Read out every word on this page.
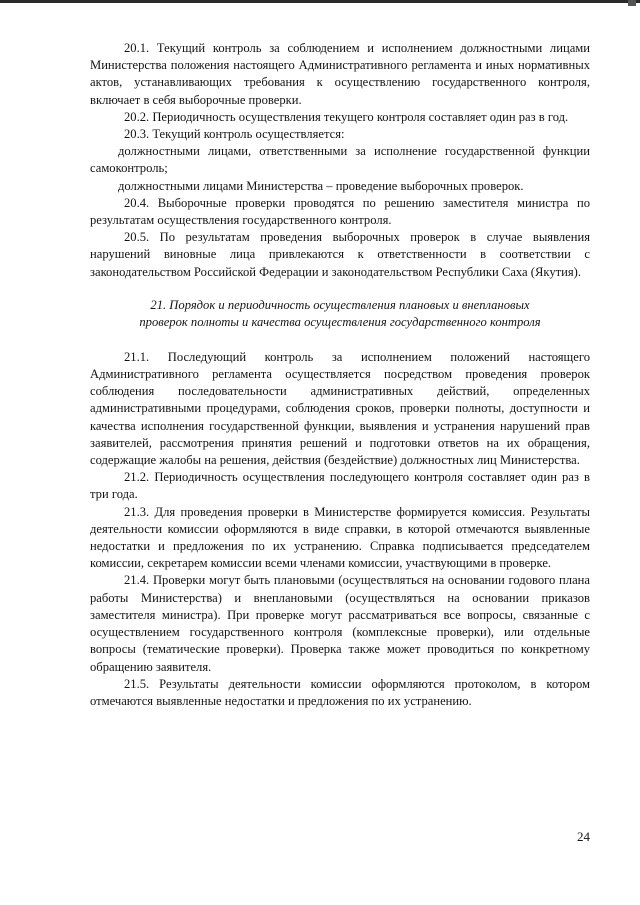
20.1. Текущий контроль за соблюдением и исполнением должностными лицами Министерства положения настоящего Административного регламента и иных нормативных актов, устанавливающих требования к осуществлению государственного контроля, включает в себя выборочные проверки.

20.2. Периодичность осуществления текущего контроля составляет один раз в год.

20.3. Текущий контроль осуществляется:

должностными лицами, ответственными за исполнение государственной функции самоконтроль;

должностными лицами Министерства – проведение выборочных проверок.

20.4. Выборочные проверки проводятся по решению заместителя министра по результатам осуществления государственного контроля.

20.5. По результатам проведения выборочных проверок в случае выявления нарушений виновные лица привлекаются к ответственности в соответствии с законодательством Российской Федерации и законодательством Республики Саха (Якутия).

21. Порядок и периодичность осуществления плановых и внеплановых
проверок полноты и качества осуществления государственного контроля

21.1. Последующий контроль за исполнением положений настоящего Административного регламента осуществляется посредством проведения проверок соблюдения последовательности административных действий, определенных административными процедурами, соблюдения сроков, проверки полноты, доступности и качества исполнения государственной функции, выявления и устранения нарушений прав заявителей, рассмотрения принятия решений и подготовки ответов на их обращения, содержащие жалобы на решения, действия (бездействие) должностных лиц Министерства.

21.2. Периодичность осуществления последующего контроля составляет один раз в три года.

21.3. Для проведения проверки в Министерстве формируется комиссия. Результаты деятельности комиссии оформляются в виде справки, в которой отмечаются выявленные недостатки и предложения по их устранению. Справка подписывается председателем комиссии, секретарем комиссии всеми членами комиссии, участвующими в проверке.

21.4. Проверки могут быть плановыми (осуществляться на основании годового плана работы Министерства) и внеплановыми (осуществляться на основании приказов заместителя министра). При проверке могут рассматриваться все вопросы, связанные с осуществлением государственного контроля (комплексные проверки), или отдельные вопросы (тематические проверки). Проверка также может проводиться по конкретному обращению заявителя.

21.5. Результаты деятельности комиссии оформляются протоколом, в котором отмечаются выявленные недостатки и предложения по их устранению.

24
